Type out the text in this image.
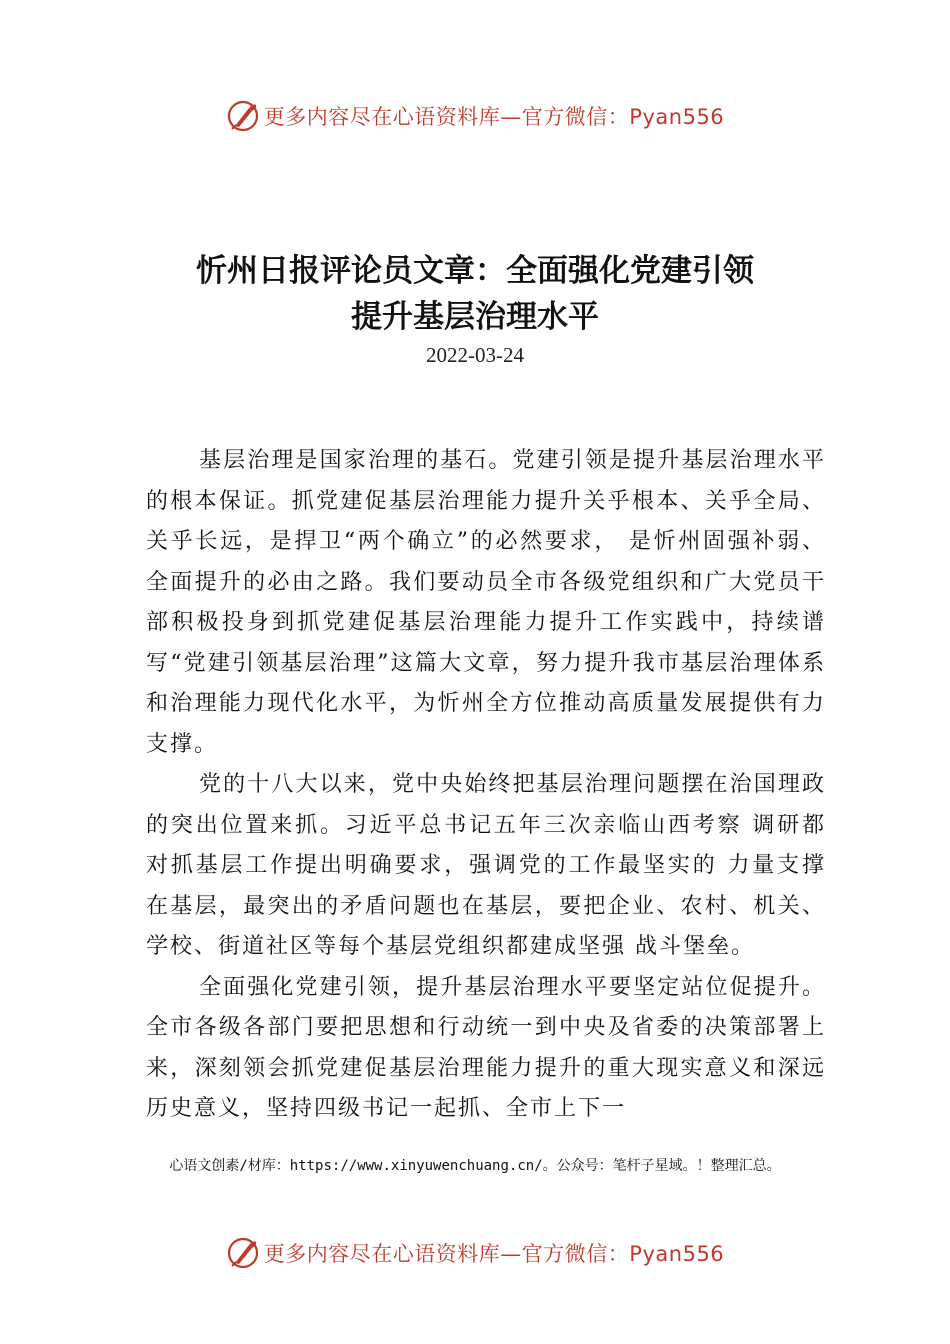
更多内容尽在心语资料库—官方微信：Pyan556
忻州日报评论员文章：全面强化党建引领
提升基层治理水平
2022-03-24

基层治理是国家治理的基石。党建引领是提升基层治理水平的根本保证。抓党建促基层治理能力提升关乎根本、关乎全局、关乎长远，是捍卫“两个确立”的必然要求， 是忻州固强补弱、全面提升的必由之路。我们要动员全市各级党组织和广大党员干部积极投身到抓党建促基层治理能力提升工作实践中，持续谱写“党建引领基层治理”这篇大文章，努力提升我市基层治理体系和治理能力现代化水平，为忻州全方位推动高质量发展提供有力支撑。

党的十八大以来，党中央始终把基层治理问题摆在治国理政的突出位置来抓。习近平总书记五年三次亲临山西考察 调研都对抓基层工作提出明确要求，强调党的工作最坚实的 力量支撑在基层，最突出的矛盾问题也在基层，要把企业、农村、机关、学校、街道社区等每个基层党组织都建成坚强 战斗堡垒。

全面强化党建引领，提升基层治理水平要坚定站位促提升。全市各级各部门要把思想和行动统一到中央及省委的决策部署上来，深刻领会抓党建促基层治理能力提升的重大现实意义和深远历史意义，坚持四级书记一起抓、全市上下一

心语文创素/材库：https://www.xinyuwenchuang.cn/。公众号：笔杆子星域。！整理汇总。
更多内容尽在心语资料库—官方微信：Pyan556
